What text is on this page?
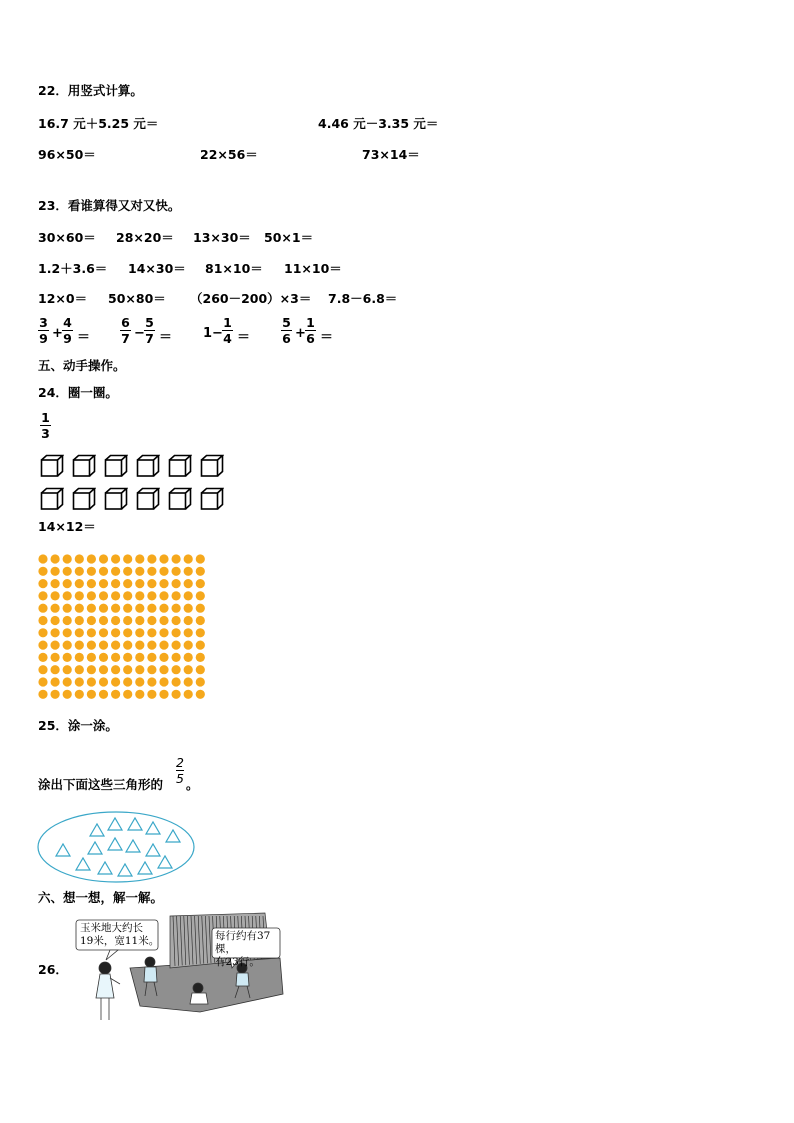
22．用竖式计算。
16.7 元＋5.25 元＝	4.46 元－3.35 元＝
96×50＝	22×56＝	73×14＝
23．看谁算得又对又快。
30×60＝ 28×20＝ 13×30＝ 50×1＝
1.2＋3.6＝ 14×30＝ 81×10＝ 11×10＝
12×0＝ 50×80＝ （260－200）×3＝ 7.8－6.8＝
3
9 +
4
9 ＝
6
7 −
5
7 ＝ 1−
1
4 ＝
5
6 +
1
6 ＝
五、动手操作。
24．圈一圈。
1
3
14×12＝
25．涂一涂。
涂出下面这些三角形的
2
5 。
六、想一想，解一解。
26．
玉米地大约长
19米，宽11米。	每行约有37棵，
有23行。
